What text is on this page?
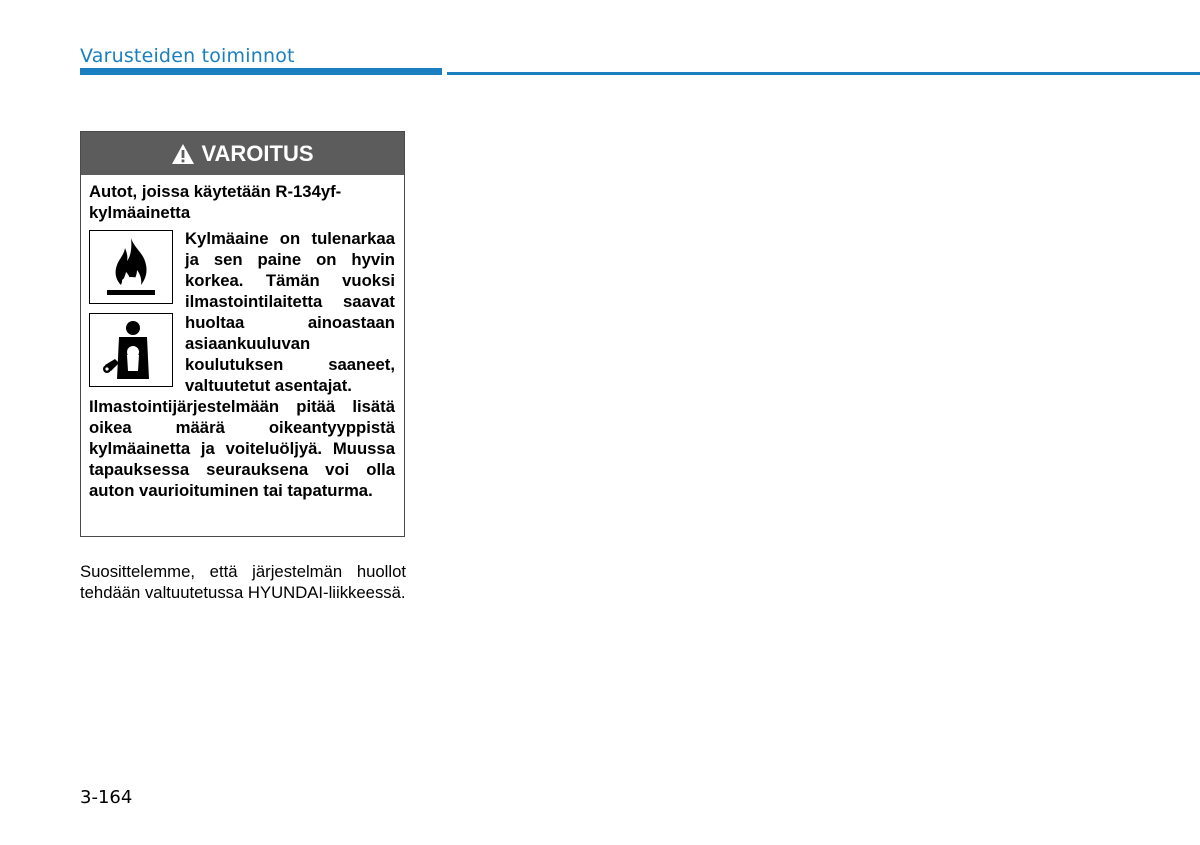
Varusteiden toiminnot
VAROITUS
Autot, joissa käytetään R-134yf-kylmäainetta
Kylmäaine on tulenarkaa ja sen paine on hyvin korkea. Tämän vuoksi ilmastointilaitetta saavat huoltaa ainoastaan asiaankuuluvan koulutuksen saaneet, valtuutetut asentajat.
Ilmastointijärjestelmään pitää lisätä oikea määrä oikeantyyppistä kylmäainetta ja voiteluöljyä. Muussa tapauksessa seurauksena voi olla auton vaurioituminen tai tapaturma.
Suosittelemme, että järjestelmän huollot tehdään valtuutetussa HYUNDAI-liikkeessä.
3-164
